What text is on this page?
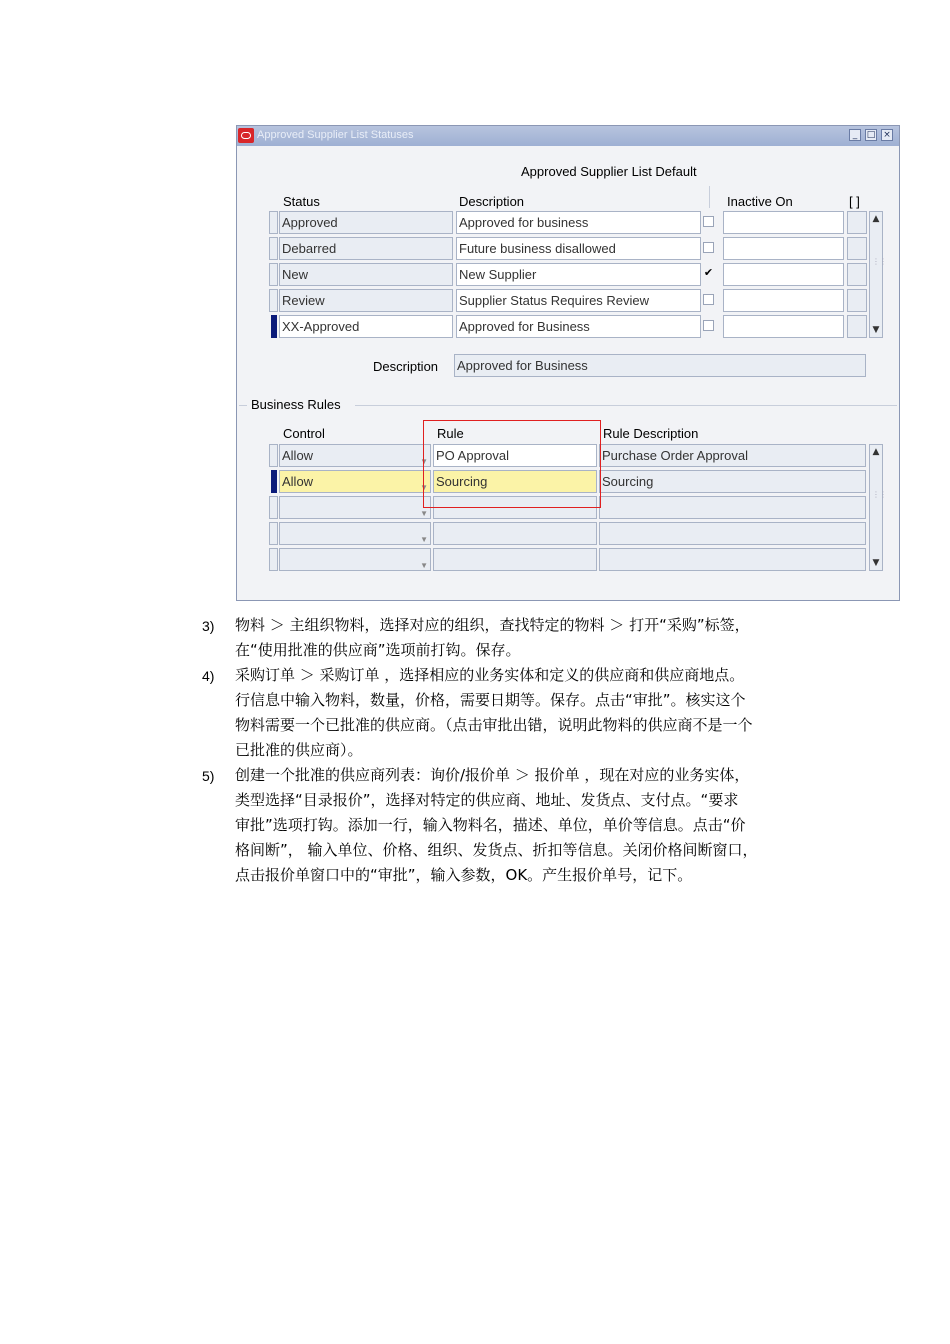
Approved Supplier List Statuses	_	□ ×
Approved Supplier List Default
Status	Description	Inactive On	[ ]
Approved	Approved for business
Debarred	Future business disallowed
New	New Supplier	✔
Review	Supplier Status Requires Review
XX-Approved	Approved for Business
▲
⋮⋮
▼
Description Approved for Business
Business Rules
Control	Rule	Rule Description
Allow	▼ PO Approval	Purchase Order Approval
Allow	▼ Sourcing	Sourcing
▼
▼
▼
▲
⋮⋮
▼
3) 物料 ＞ 主组织物料，选择对应的组织，查找特定的物料 ＞ 打开“采购”标签，
在“使用批准的供应商”选项前打钩。保存。
4) 采购订单 ＞ 采购订单 ，选择相应的业务实体和定义的供应商和供应商地点。
行信息中输入物料，数量，价格，需要日期等。保存。点击“审批”。核实这个
物料需要一个已批准的供应商。（点击审批出错，说明此物料的供应商不是一个
已批准的供应商）。
5) 创建一个批准的供应商列表：询价/报价单 ＞ 报价单 ，现在对应的业务实体，
类型选择“目录报价”，选择对特定的供应商、地址、发货点、支付点。“要求
审批”选项打钩。添加一行，输入物料名，描述、单位，单价等信息。点击“价
格间断”， 输入单位、价格、组织、发货点、折扣等信息。关闭价格间断窗口，
点击报价单窗口中的“审批”，输入参数，OK。产生报价单号，记下。
